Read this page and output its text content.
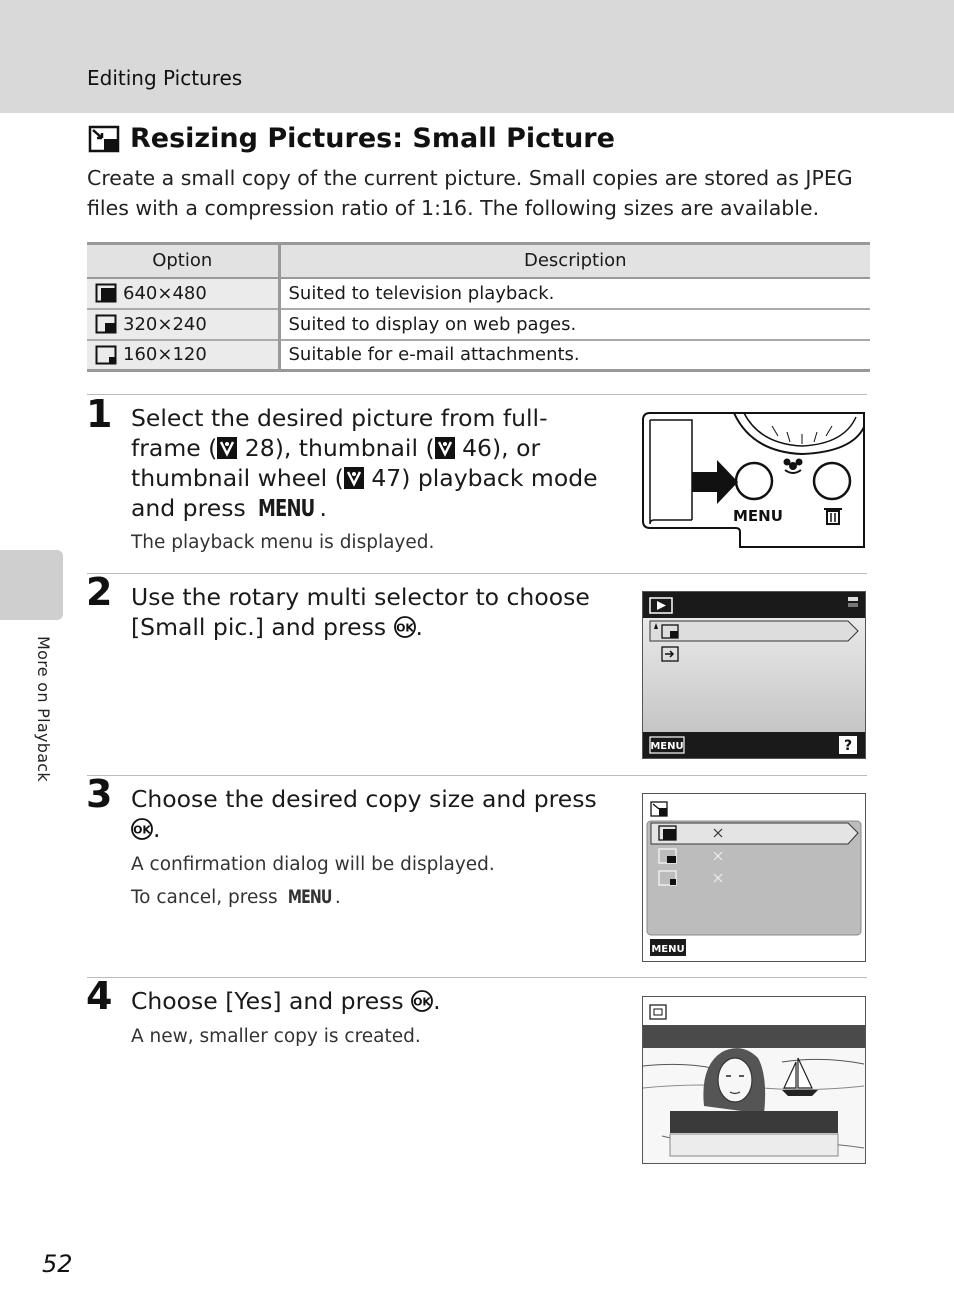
Editing Pictures
More on Playback
Resizing Pictures: Small Picture
Create a small copy of the current picture. Small copies are stored as JPEG files with a compression ratio of 1:16. The following sizes are available.
Option	Description

640×480	Suited to television playback.

320×240	Suited to display on web pages.

160×120	Suitable for e-mail attachments.
1 Select the desired picture from full-frame ( 28), thumbnail ( 46), or thumbnail wheel ( 47) playback mode and press MENU .
The playback menu is displayed.
MENU
2 Use the rotary multi selector to choose [Small pic.] and press OK .
MENU	?
3 Choose the desired copy size and press
OK .
A confirmation dialog will be displayed.
To cancel, press MENU .
MENU
4 Choose [Yes] and press OK .
A new, smaller copy is created.
52
